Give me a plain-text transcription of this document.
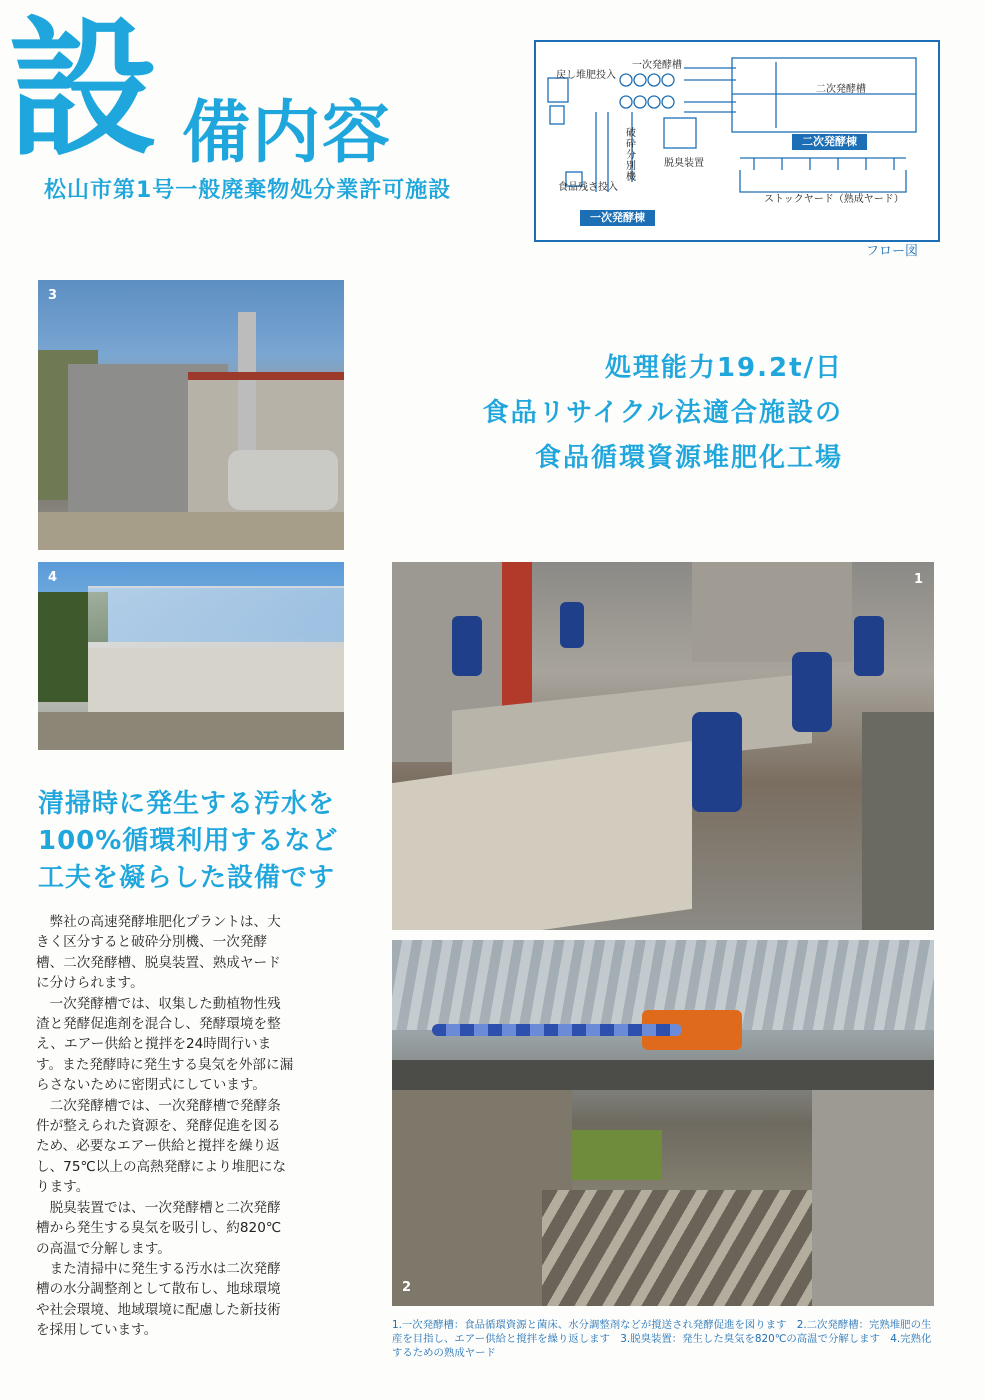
設 備内容
松山市第1号一般廃棄物処分業許可施設
戻し堆肥投入
一次発酵槽
二次発酵槽
破砕分別機
脱臭装置
食品残さ投入
ストックヤード（熟成ヤード）
二次発酵棟
一次発酵棟
フロー図
3
4
処理能力19.2t/日
食品リサイクル法適合施設の
食品循環資源堆肥化工場
1
2
清掃時に発生する汚水を
100%循環利用するなど
工夫を凝らした設備です

弊社の高速発酵堆肥化プラントは、大きく区分すると破砕分別機、一次発酵槽、二次発酵槽、脱臭装置、熟成ヤードに分けられます。

一次発酵槽では、収集した動植物性残渣と発酵促進剤を混合し、発酵環境を整え、エアー供給と撹拌を24時間行います。また発酵時に発生する臭気を外部に漏らさないために密閉式にしています。

二次発酵槽では、一次発酵槽で発酵条件が整えられた資源を、発酵促進を図るため、必要なエアー供給と撹拌を繰り返し、75℃以上の高熱発酵により堆肥になります。

脱臭装置では、一次発酵槽と二次発酵槽から発生する臭気を吸引し、約820℃の高温で分解します。

また清掃中に発生する汚水は二次発酵槽の水分調整剤として散布し、地球環境や社会環境、地域環境に配慮した新技術を採用しています。	1.一次発酵槽：食品循環資源と菌床、水分調整剤などが撹送され発酵促進を図ります　2.二次発酵槽：完熟堆肥の生産を目指し、エアー供給と撹拌を繰り返します　3.脱臭装置：発生した臭気を820℃の高温で分解します　4.完熟化するための熟成ヤード
